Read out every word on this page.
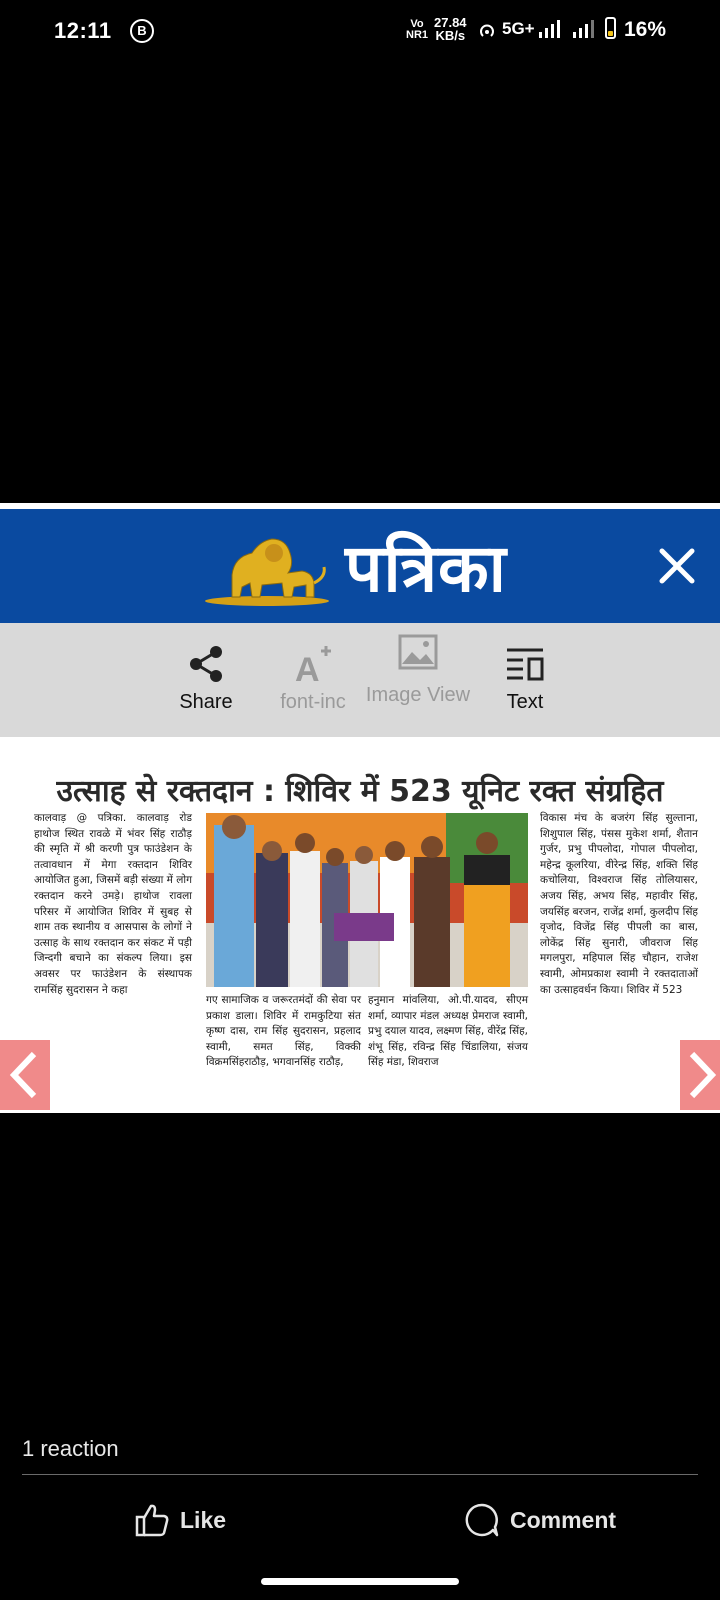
12:11	B	Vo
NR1
27.84
KB/s 5G+	16%
पत्रिका
Share
A
font-inc	Image View	Text
उत्साह से रक्तदान : शिविर में 523 यूनिट रक्त संग्रहित
कालवाड़ @ पत्रिका. कालवाड़ रोड हाथोज स्थित रावळे में भंवर सिंह राठौड़ की स्मृति में श्री करणी पुत्र फाउंडेशन के तत्वावधान में मेगा रक्तदान शिविर आयोजित हुआ, जिसमें बड़ी संख्या में लोग रक्तदान करने उमड़े। हाथोज रावला परिसर में आयोजित शिविर में सुबह से शाम तक स्थानीय व आसपास के लोगों ने उत्साह के साथ रक्तदान कर संकट में पड़ी जिन्दगी बचाने का संकल्प लिया। इस अवसर पर फाउंडेशन के संस्थापक रामसिंह सुदरासन ने कहा
गए सामाजिक व जरूरतमंदों की सेवा पर प्रकाश डाला। शिविर में रामकुटिया संत कृष्ण दास, राम सिंह सुदरासन, प्रहलाद स्वामी, समत सिंह, विक्की विक्रमसिंहराठौड़, भगवानसिंह राठौड़,
हनुमान मांवलिया, ओ.पी.यादव, सीएम शर्मा, व्यापार मंडल अध्यक्ष प्रेमराज स्वामी, प्रभु दयाल यादव, लक्ष्मण सिंह, वीरेंद्र सिंह, शंभू सिंह, रविन्द्र सिंह चिंडालिया, संजय सिंह मंडा, शिवराज
विकास मंच के बजरंग सिंह सुल्ताना, शिशुपाल सिंह, पंसस मुकेश शर्मा, शैतान गुर्जर, प्रभु पीपलोदा, गोपाल पीपलोदा, महेन्द्र कूलरिया, वीरेन्द्र सिंह, शक्ति सिंह कचोलिया, विश्वराज सिंह तोलियासर, अजय सिंह, अभय सिंह, महावीर सिंह, जयसिंह बरजन, राजेंद्र शर्मा, कुलदीप सिंह वृजोद, विजेंद्र सिंह पीपली का बास, लोकेंद्र सिंह सुनारी, जीवराज सिंह मगलपुरा, महिपाल सिंह चौहान, राजेश स्वामी, ओमप्रकाश स्वामी ने रक्तदाताओं का उत्साहवर्धन किया। शिविर में 523
1 reaction
Like	Comment
